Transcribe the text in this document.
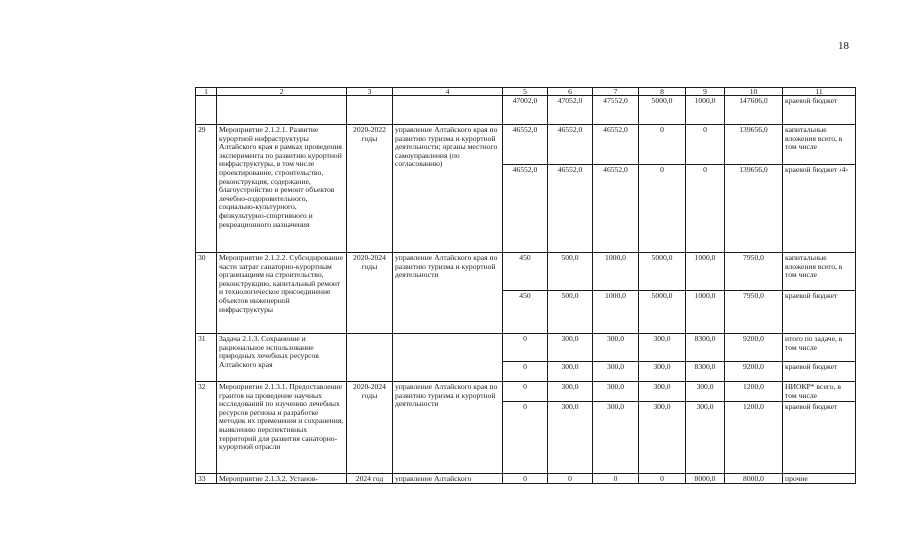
18
1	2	3	4	5	6	7	8	9	10	11
				47002,0	47052,0	47552,0	5000,0	1000,0	147606,0	краевой бюджет
29	Мероприятие 2.1.2.1. Развитие курортной инфраструктуры Алтайского края в рамках проведения эксперимента по развитию курортной инфраструктуры, в том числе проектирование, строительство, реконструкция, содержание, благоустройство и ремонт объектов лечебно-оздоровительного, социально-культурного, физкультурно-спортивного и рекреационного назначения	2020-2022 годы	управление Алтайского края по развитию туризма и курортной деятельности; органы местного самоуправления (по согласованию)	46552,0	46552,0	46552,0	0	0	139656,0	капитальные вложения всего, в том числе
				46552,0	46552,0	46552,0	0	0	139656,0	краевой бюджет ‹4›
30	Мероприятие 2.1.2.2. Субсидирование части затрат санаторно-курортным организациям на строительство, реконструкцию, капитальный ремонт и технологическое присоединение объектов инженерной инфраструктуры	2020-2024 годы	управление Алтайского края по развитию туризма и курортной деятельности	450	500,0	1000,0	5000,0	1000,0	7950,0	капитальные вложения всего, в том числе
				450	500,0	1000,0	5000,0	1000,0	7950,0	краевой бюджет
31	Задача 2.1.3. Сохранение и рациональное использование природных лечебных ресурсов Алтайского края			0	300,0	300,0	300,0	8300,0	9200,0	итого по задаче, в том числе
				0	300,0	300,0	300,0	8300,0	9200,0	краевой бюджет
32	Мероприятие 2.1.3.1. Предоставление грантов на проведение научных исследований по изучению лечебных ресурсов региона и разработке методик их применения и сохранения, выявлению перспективных территорий для развития санаторно-курортной отрасли	2020-2024 годы	управление Алтайского края по развитию туризма и курортной деятельности	0	300,0	300,0	300,0	300,0	1200,0	НИОКР* всего, в том числе
				0	300,0	300,0	300,0	300,0	1200,0	краевой бюджет
33	Мероприятие 2.1.3.2. Установ-	2024 год	управление Алтайского	0	0	0	0	8000,0	8000,0	прочие
